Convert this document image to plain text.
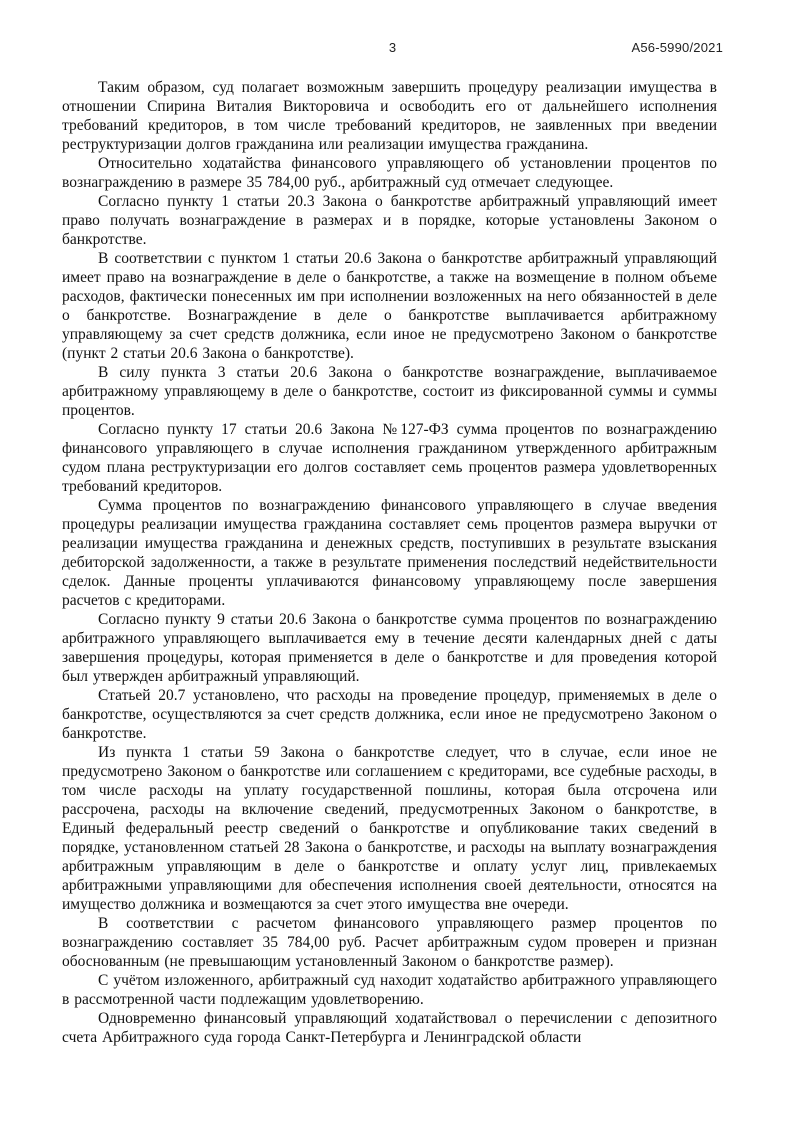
3	А56-5990/2021

Таким образом, суд полагает возможным завершить процедуру реализации имущества в отношении Спирина Виталия Викторовича и освободить его от дальнейшего исполнения требований кредиторов, в том числе требований кредиторов, не заявленных при введении реструктуризации долгов гражданина или реализации имущества гражданина.

Относительно ходатайства финансового управляющего об установлении процентов по вознаграждению в размере 35 784,00 руб., арбитражный суд отмечает следующее.

Согласно пункту 1 статьи 20.3 Закона о банкротстве арбитражный управляющий имеет право получать вознаграждение в размерах и в порядке, которые установлены Законом о банкротстве.

В соответствии с пунктом 1 статьи 20.6 Закона о банкротстве арбитражный управляющий имеет право на вознаграждение в деле о банкротстве, а также на возмещение в полном объеме расходов, фактически понесенных им при исполнении возложенных на него обязанностей в деле о банкротстве. Вознаграждение в деле о банкротстве выплачивается арбитражному управляющему за счет средств должника, если иное не предусмотрено Законом о банкротстве (пункт 2 статьи 20.6 Закона о банкротстве).

В силу пункта 3 статьи 20.6 Закона о банкротстве вознаграждение, выплачиваемое арбитражному управляющему в деле о банкротстве, состоит из фиксированной суммы и суммы процентов.

Согласно пункту 17 статьи 20.6 Закона №127-ФЗ сумма процентов по вознаграждению финансового управляющего в случае исполнения гражданином утвержденного арбитражным судом плана реструктуризации его долгов составляет семь процентов размера удовлетворенных требований кредиторов.

Сумма процентов по вознаграждению финансового управляющего в случае введения процедуры реализации имущества гражданина составляет семь процентов размера выручки от реализации имущества гражданина и денежных средств, поступивших в результате взыскания дебиторской задолженности, а также в результате применения последствий недействительности сделок. Данные проценты уплачиваются финансовому управляющему после завершения расчетов с кредиторами.

Согласно пункту 9 статьи 20.6 Закона о банкротстве сумма процентов по вознаграждению арбитражного управляющего выплачивается ему в течение десяти календарных дней с даты завершения процедуры, которая применяется в деле о банкротстве и для проведения которой был утвержден арбитражный управляющий.

Статьей 20.7 установлено, что расходы на проведение процедур, применяемых в деле о банкротстве, осуществляются за счет средств должника, если иное не предусмотрено Законом о банкротстве.

Из пункта 1 статьи 59 Закона о банкротстве следует, что в случае, если иное не предусмотрено Законом о банкротстве или соглашением с кредиторами, все судебные расходы, в том числе расходы на уплату государственной пошлины, которая была отсрочена или рассрочена, расходы на включение сведений, предусмотренных Законом о банкротстве, в Единый федеральный реестр сведений о банкротстве и опубликование таких сведений в порядке, установленном статьей 28 Закона о банкротстве, и расходы на выплату вознаграждения арбитражным управляющим в деле о банкротстве и оплату услуг лиц, привлекаемых арбитражными управляющими для обеспечения исполнения своей деятельности, относятся на имущество должника и возмещаются за счет этого имущества вне очереди.

В соответствии с расчетом финансового управляющего размер процентов по вознаграждению составляет 35 784,00 руб. Расчет арбитражным судом проверен и признан обоснованным (не превышающим установленный Законом о банкротстве размер).

С учётом изложенного, арбитражный суд находит ходатайство арбитражного управляющего в рассмотренной части подлежащим удовлетворению.

Одновременно финансовый управляющий ходатайствовал о перечислении с депозитного счета Арбитражного суда города Санкт-Петербурга и Ленинградской области
